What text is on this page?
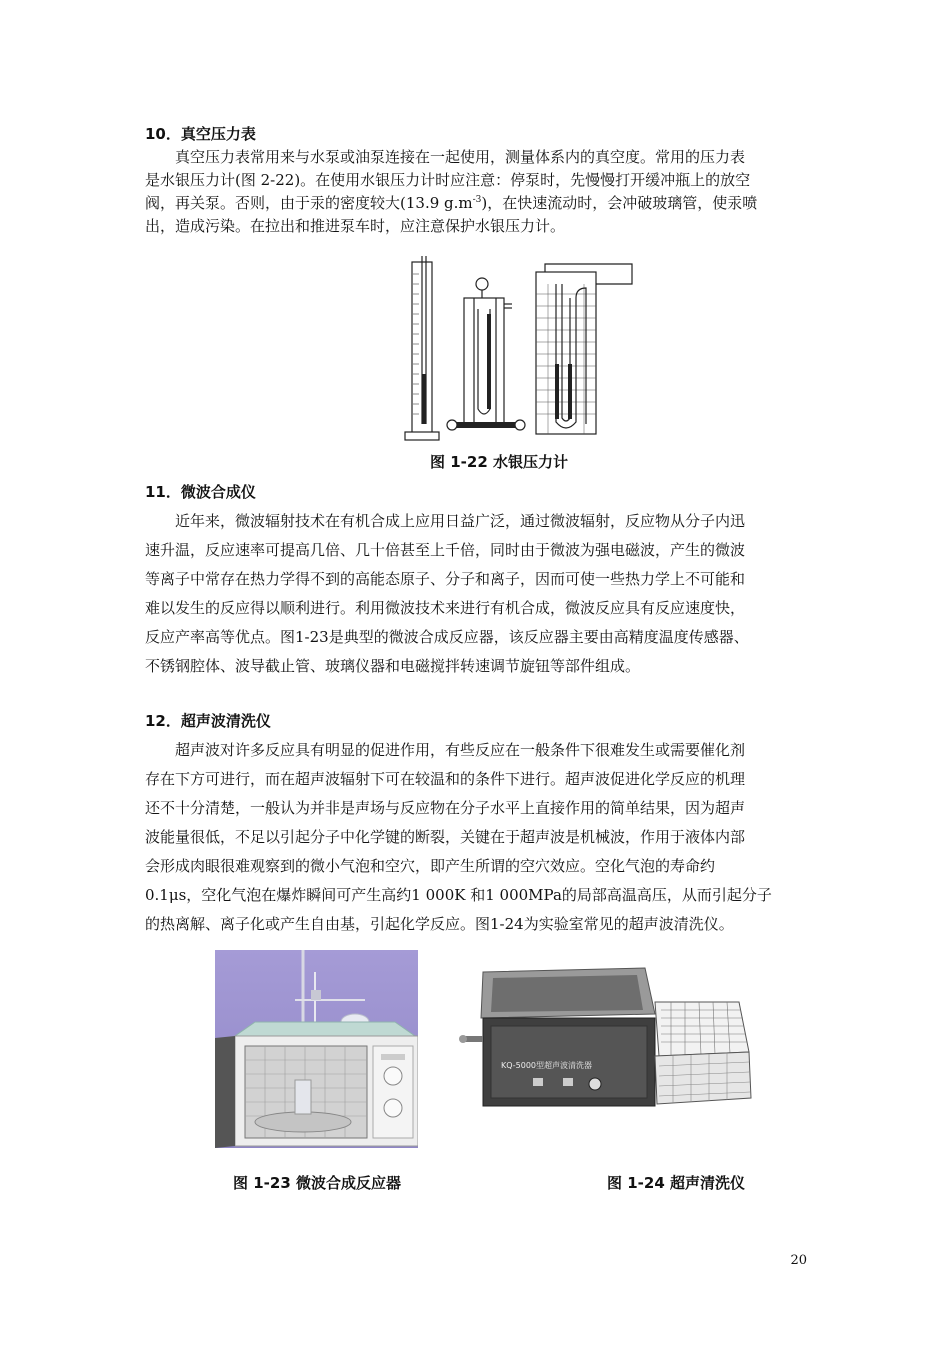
10．真空压力表
　　真空压力表常用来与水泵或油泵连接在一起使用，测量体系内的真空度。常用的压力表
是水银压力计(图 2-22)。在使用水银压力计时应注意：停泵时，先慢慢打开缓冲瓶上的放空
阀，再关泵。否则，由于汞的密度较大(13.9 $g.m^{-3}$)，在快速流动时，会冲破玻璃管，使汞喷
出，造成污染。在拉出和推进泵车时，应注意保护水银压力计。
图 1-22 水银压力计
11．微波合成仪
　　近年来，微波辐射技术在有机合成上应用日益广泛，通过微波辐射，反应物从分子内迅
速升温，反应速率可提高几倍、几十倍甚至上千倍，同时由于微波为强电磁波，产生的微波
等离子中常存在热力学得不到的高能态原子、分子和离子，因而可使一些热力学上不可能和
难以发生的反应得以顺利进行。利用微波技术来进行有机合成，微波反应具有反应速度快，
反应产率高等优点。图1-23是典型的微波合成反应器，该反应器主要由高精度温度传感器、
不锈钢腔体、波导截止管、玻璃仪器和电磁搅拌转速调节旋钮等部件组成。
12．超声波清洗仪
　　超声波对许多反应具有明显的促进作用，有些反应在一般条件下很难发生或需要催化剂
存在下方可进行，而在超声波辐射下可在较温和的条件下进行。超声波促进化学反应的机理
还不十分清楚，一般认为并非是声场与反应物在分子水平上直接作用的简单结果，因为超声
波能量很低，不足以引起分子中化学键的断裂，关键在于超声波是机械波，作用于液体内部
会形成肉眼很难观察到的微小气泡和空穴，即产生所谓的空穴效应。空化气泡的寿命约
0.1μs，空化气泡在爆炸瞬间可产生高约1 000K 和1 000MPa的局部高温高压，从而引起分子
的热离解、离子化或产生自由基，引起化学反应。图1-24为实验室常见的超声波清洗仪。
KQ-5000型超声波清洗器
图 1-23 微波合成反应器	图 1-24 超声清洗仪
20
